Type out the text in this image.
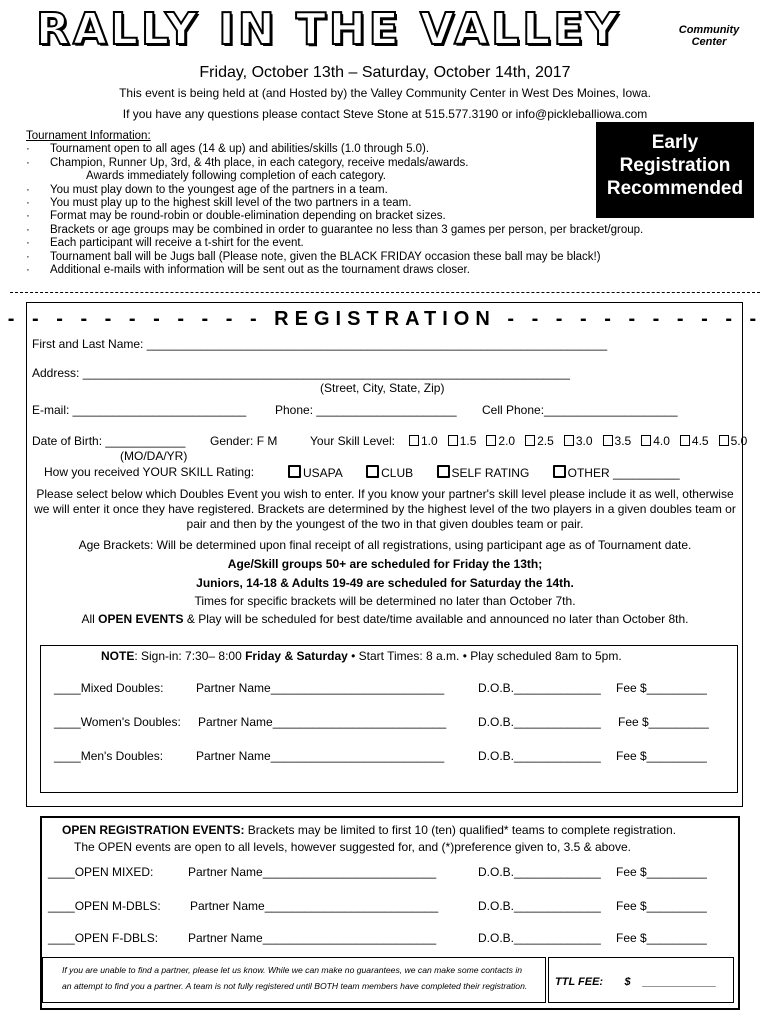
RALLY IN THE VALLEY	Community Center
Friday, October 13th – Saturday, October 14th, 2017
This event is being held at (and Hosted by) the Valley Community Center in West Des Moines, Iowa.
If you have any questions please contact Steve Stone at 515.577.3190 or info@pickleballiowa.com
Early
Registration
Recommended
Tournament Information:
· Tournament open to all ages (14 & up) and abilities/skills (1.0 through 5.0).
· Champion, Runner Up, 3rd, & 4th place, in each category, receive medals/awards.
Awards immediately following completion of each category.
· You must play down to the youngest age of the partners in a team.
· You must play up to the highest skill level of the two partners in a team.
· Format may be round-robin or double-elimination depending on bracket sizes.
· Brackets or age groups may be combined in order to guarantee no less than 3 games per person, per bracket/group.
· Each participant will receive a t-shirt for the event.
· Tournament ball will be Jugs ball (Please note, given the BLACK FRIDAY occasion these ball may be black!)
· Additional e-mails with information will be sent out as the tournament draws closer.
- - - - - - - - - - - REGISTRATION - - - - - - - - - - -
First and Last Name: _____________________________________________________________________
Address: _________________________________________________________________________
(Street, City, State, Zip)
E-mail: __________________________ Phone: _____________________ Cell Phone:____________________
Date of Birth: ____________
(MO/DA/YR)
Gender: F M	Your Skill Level:	1.0 1.5 2.0 2.5 3.0 3.5 4.0 4.5 5.0
How you received YOUR SKILL Rating:	USAPA	CLUB	SELF RATING	OTHER __________
Please select below which Doubles Event you wish to enter. If you know your partner's skill level please include it as well, otherwise we will enter it once they have registered. Brackets are determined by the highest level of the two players in a given doubles team or pair and then by the youngest of the two in that given doubles team or pair.
Age Brackets: Will be determined upon final receipt of all registrations, using participant age as of Tournament date.
Age/Skill groups 50+ are scheduled for Friday the 13th;
Juniors, 14-18 & Adults 19-49 are scheduled for Saturday the 14th.
Times for specific brackets will be determined no later than October 7th.
All OPEN EVENTS & Play will be scheduled for best date/time available and announced no later than October 8th.
NOTE: Sign-in: 7:30– 8:00 Friday & Saturday • Start Times: 8 a.m. • Play scheduled 8am to 5pm.
____Mixed Doubles:	Partner Name__________________________	D.O.B._____________ Fee $_________
____Women's Doubles: Partner Name__________________________	D.O.B._____________ Fee $_________
____Men's Doubles:	Partner Name__________________________	D.O.B._____________ Fee $_________
OPEN REGISTRATION EVENTS: Brackets may be limited to first 10 (ten) qualified* teams to complete registration.
The OPEN events are open to all levels, however suggested for, and (*)preference given to, 3.5 & above.
____OPEN MIXED:	Partner Name__________________________	D.O.B._____________ Fee $_________
____OPEN M-DBLS: Partner Name__________________________	D.O.B._____________ Fee $_________
____OPEN F-DBLS: Partner Name__________________________	D.O.B._____________ Fee $_________
If you are unable to find a partner, please let us know. While we can make no guarantees, we can make some contacts in
an attempt to find you a partner. A team is not fully registered until BOTH team members have completed their registration.	TTL FEE:       $    ____________
